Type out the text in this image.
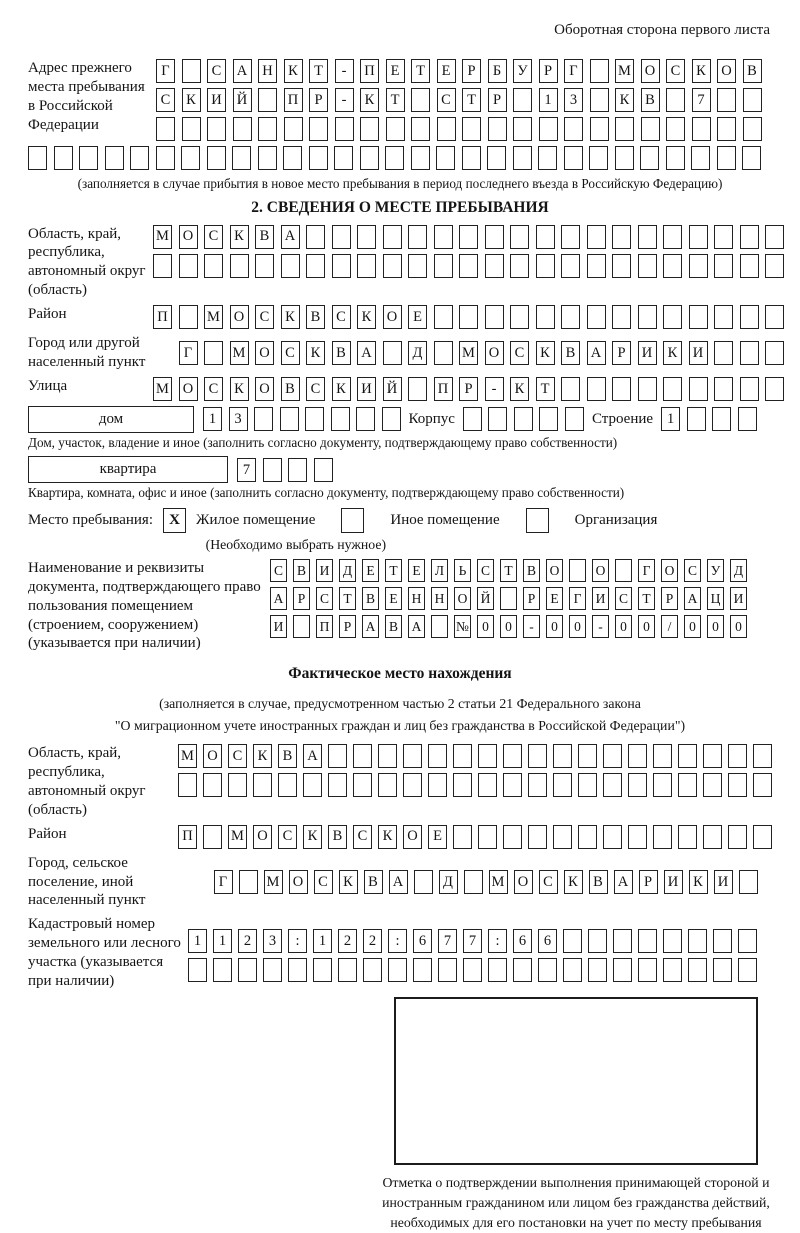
Оборотная сторона первого листа
Адрес прежнего места пребывания в Российской Федерации
Г	С	А Н	К	Т	-	П	Е	Т	Е	Р	Б	У	Р	Г	М О	С	К	О	В
С	К	И Й	П	Р	-	К	Т	С	Т	Р	1	3	К	В	7
(заполняется в случае прибытия в новое место пребывания в период последнего въезда в Российскую Федерацию)
2. СВЕДЕНИЯ О МЕСТЕ ПРЕБЫВАНИЯ
Область, край, республика, автономный округ (область)
М О	С	К	В	А
Район	П	М О	С	К	В	С	К	О	Е
Город или другой населенный пункт
Г	М О	С	К	В	А	Д	М О	С	К	В	А	Р	И	К	И
Улица	М О	С	К	О	В	С	К	И Й	П	Р	-	К	Т
дом	1	3	Корпус	Строение 1
Дом, участок, владение и иное (заполнить согласно документу, подтверждающему право собственности)
квартира	7
Квартира, комната, офис и иное (заполнить согласно документу, подтверждающему право собственности)
Место пребывания:	X	Жилое помещение	Иное помещение	Организация
(Необходимо выбрать нужное)
Наименование и реквизиты документа, подтверждающего право пользования помещением (строением, сооружением) (указывается при наличии)
С В И Д	Е	Т	Е	Л	Ь	С	Т	В О	О	Г	О С У Д
А	Р	С	Т	В	Е	Н Н О Й	Р	Е	Г	И С	Т	Р	А Ц И
И	П	Р	А В А	№ 0	0	-	0	0	-	0	0	/	0	0	0
Фактическое место нахождения
(заполняется в случае, предусмотренном частью 2 статьи 21 Федерального закона
"О миграционном учете иностранных граждан и лиц без гражданства в Российской Федерации")
Область, край, республика, автономный округ (область)
М О	С	К	В	А
Район	П	М О	С	К	В	С	К	О	Е
Город, сельское поселение, иной населенный пункт
Г	М О	С	К	В	А	Д	М О	С	К	В	А	Р	И	К	И
Кадастровый номер земельного или лесного участка (указывается при наличии)
1	1	2	3	:	1	2	2	:	6	7	7	:	6	6
Отметка о подтверждении выполнения принимающей стороной и иностранным гражданином или лицом без гражданства действий, необходимых для его постановки на учет по месту пребывания
